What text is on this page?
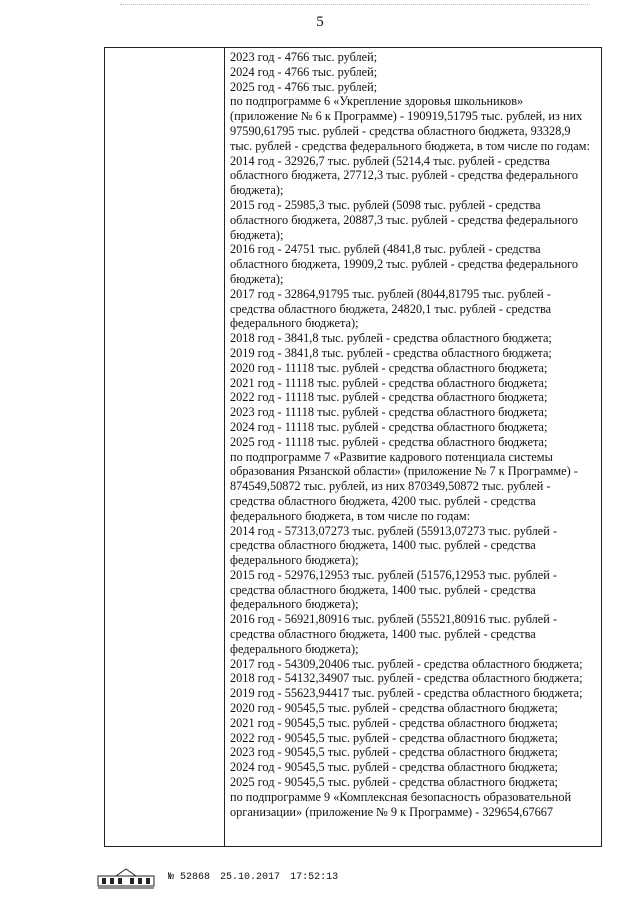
5
2023 год - 4766 тыс. рублей;
2024 год - 4766 тыс. рублей;
2025 год - 4766 тыс. рублей;
по подпрограмме 6 «Укрепление здоровья школьников»
(приложение № 6 к Программе) - 190919,51795 тыс. рублей, из них
97590,61795 тыс. рублей - средства областного бюджета, 93328,9
тыс. рублей - средства федерального бюджета, в том числе по годам:
2014 год - 32926,7 тыс. рублей (5214,4 тыс. рублей - средства
областного бюджета, 27712,3 тыс. рублей - средства федерального
бюджета);
2015 год - 25985,3 тыс. рублей (5098 тыс. рублей - средства
областного бюджета, 20887,3 тыс. рублей - средства федерального
бюджета);
2016 год - 24751 тыс. рублей (4841,8 тыс. рублей - средства
областного бюджета, 19909,2 тыс. рублей - средства федерального
бюджета);
2017 год - 32864,91795 тыс. рублей (8044,81795 тыс. рублей -
средства областного бюджета, 24820,1 тыс. рублей - средства
федерального бюджета);
2018 год - 3841,8 тыс. рублей - средства областного бюджета;
2019 год - 3841,8 тыс. рублей - средства областного бюджета;
2020 год - 11118 тыс. рублей - средства областного бюджета;
2021 год - 11118 тыс. рублей - средства областного бюджета;
2022 год - 11118 тыс. рублей - средства областного бюджета;
2023 год - 11118 тыс. рублей - средства областного бюджета;
2024 год - 11118 тыс. рублей - средства областного бюджета;
2025 год - 11118 тыс. рублей - средства областного бюджета;
по подпрограмме 7 «Развитие кадрового потенциала системы
образования Рязанской области» (приложение № 7 к Программе) -
874549,50872 тыс. рублей, из них 870349,50872 тыс. рублей -
средства областного бюджета, 4200 тыс. рублей - средства
федерального бюджета, в том числе по годам:
2014 год - 57313,07273 тыс. рублей (55913,07273 тыс. рублей -
средства областного бюджета, 1400 тыс. рублей - средства
федерального бюджета);
2015 год - 52976,12953 тыс. рублей (51576,12953 тыс. рублей -
средства областного бюджета, 1400 тыс. рублей - средства
федерального бюджета);
2016 год - 56921,80916 тыс. рублей (55521,80916 тыс. рублей -
средства областного бюджета, 1400 тыс. рублей - средства
федерального бюджета);
2017 год - 54309,20406 тыс. рублей - средства областного бюджета;
2018 год - 54132,34907 тыс. рублей - средства областного бюджета;
2019 год - 55623,94417 тыс. рублей - средства областного бюджета;
2020 год - 90545,5 тыс. рублей - средства областного бюджета;
2021 год - 90545,5 тыс. рублей - средства областного бюджета;
2022 год - 90545,5 тыс. рублей - средства областного бюджета;
2023 год - 90545,5 тыс. рублей - средства областного бюджета;
2024 год - 90545,5 тыс. рублей - средства областного бюджета;
2025 год - 90545,5 тыс. рублей - средства областного бюджета;
по подпрограмме 9 «Комплексная безопасность образовательной
организации» (приложение № 9 к Программе) - 329654,67667
№ 52868 25.10.2017 17:52:13
